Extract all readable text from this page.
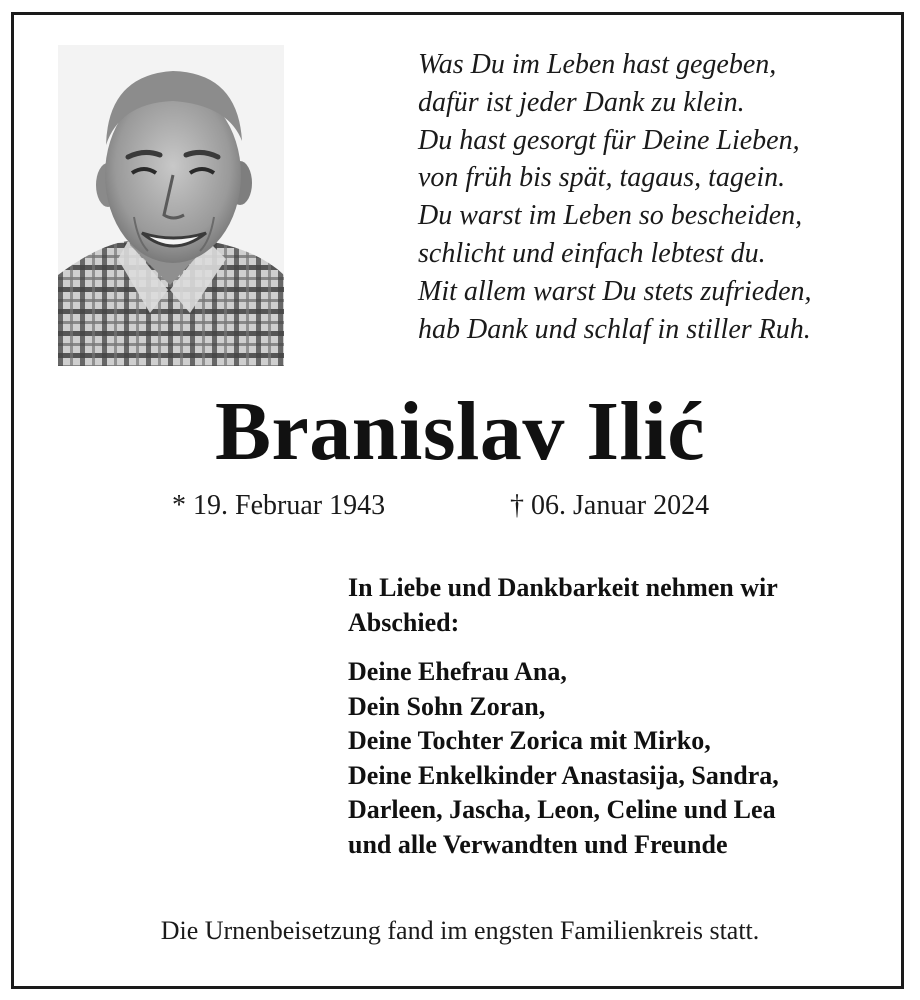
Was Du im Leben hast gegeben,
dafür ist jeder Dank zu klein.
Du hast gesorgt für Deine Lieben,
von früh bis spät, tagaus, tagein.
Du warst im Leben so bescheiden,
schlicht und einfach lebtest du.
Mit allem warst Du stets zufrieden,
hab Dank und schlaf in stiller Ruh.
Branislav Ilić
* 19. Februar 1943	† 06. Januar 2024
In Liebe und Dankbarkeit nehmen wir
Abschied:
Deine Ehefrau Ana,
Dein Sohn Zoran,
Deine Tochter Zorica mit Mirko,
Deine Enkelkinder Anastasija, Sandra,
Darleen, Jascha, Leon, Celine und Lea
und alle Verwandten und Freunde
Die Urnenbeisetzung fand im engsten Familienkreis statt.
